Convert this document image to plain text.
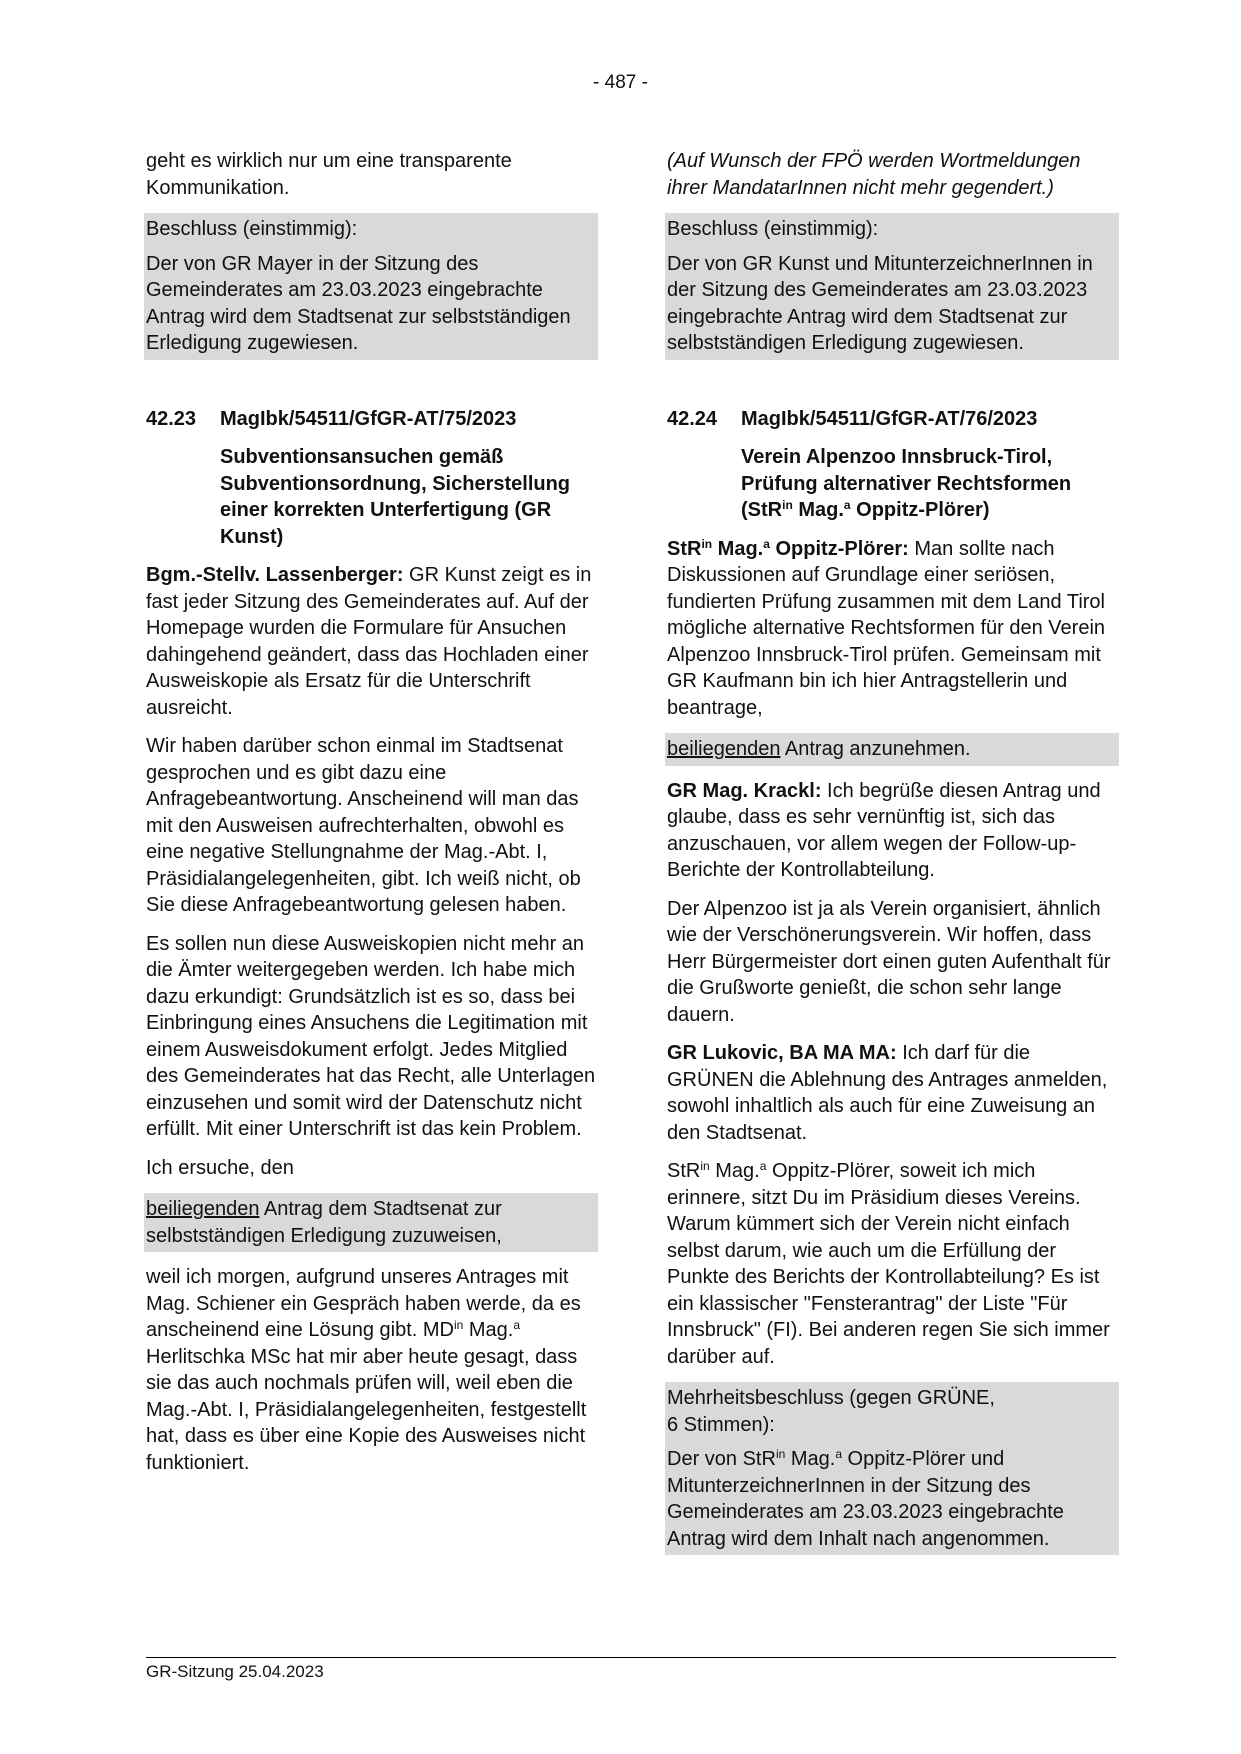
- 487 -

geht es wirklich nur um eine transparente Kommunikation.

Beschluss (einstimmig):
Der von GR Mayer in der Sitzung des Gemeinderates am 23.03.2023 eingebrachte Antrag wird dem Stadtsenat zur selbstständigen Erledigung zugewiesen.
42.23	MagIbk/54511/GfGR-AT/75/2023
Subventionsansuchen gemäß Subventionsordnung, Sicherstellung einer korrekten Unterfertigung (GR Kunst)

Bgm.-Stellv. Lassenberger: GR Kunst zeigt es in fast jeder Sitzung des Gemeinderates auf. Auf der Homepage wurden die Formulare für Ansuchen dahingehend geändert, dass das Hochladen einer Ausweiskopie als Ersatz für die Unterschrift ausreicht.

Wir haben darüber schon einmal im Stadtsenat gesprochen und es gibt dazu eine Anfragebeantwortung. Anscheinend will man das mit den Ausweisen aufrechterhalten, obwohl es eine negative Stellungnahme der Mag.-Abt. I, Präsidialangelegenheiten, gibt. Ich weiß nicht, ob Sie diese Anfragebeantwortung gelesen haben.

Es sollen nun diese Ausweiskopien nicht mehr an die Ämter weitergegeben werden. Ich habe mich dazu erkundigt: Grundsätzlich ist es so, dass bei Einbringung eines Ansuchens die Legitimation mit einem Ausweisdokument erfolgt. Jedes Mitglied des Gemeinderates hat das Recht, alle Unterlagen einzusehen und somit wird der Datenschutz nicht erfüllt. Mit einer Unterschrift ist das kein Problem.

Ich ersuche, den

beiliegenden Antrag dem Stadtsenat zur selbstständigen Erledigung zuzuweisen,

weil ich morgen, aufgrund unseres Antrages mit Mag. Schiener ein Gespräch haben werde, da es anscheinend eine Lösung gibt. $MD^{in}$ Mag.$^a$ Herlitschka MSc hat mir aber heute gesagt, dass sie das auch nochmals prüfen will, weil eben die Mag.-Abt. I, Präsidialangelegenheiten, festgestellt hat, dass es über eine Kopie des Ausweises nicht funktioniert.

(Auf Wunsch der FPÖ werden Wortmeldungen ihrer MandatarInnen nicht mehr gegendert.)

Beschluss (einstimmig):
Der von GR Kunst und MitunterzeichnerInnen in der Sitzung des Gemeinderates am 23.03.2023 eingebrachte Antrag wird dem Stadtsenat zur selbstständigen Erledigung zugewiesen.
42.24	MagIbk/54511/GfGR-AT/76/2023
Verein Alpenzoo Innsbruck-Tirol, Prüfung alternativer Rechtsformen (StR$^{in}$ Mag.$^a$ Oppitz-Plörer)

StR$^{in}$ Mag.$^a$ Oppitz-Plörer: Man sollte nach Diskussionen auf Grundlage einer seriösen, fundierten Prüfung zusammen mit dem Land Tirol mögliche alternative Rechtsformen für den Verein Alpenzoo Innsbruck-Tirol prüfen. Gemeinsam mit GR Kaufmann bin ich hier Antragstellerin und beantrage,

beiliegenden Antrag anzunehmen.

GR Mag. Krackl: Ich begrüße diesen Antrag und glaube, dass es sehr vernünftig ist, sich das anzuschauen, vor allem wegen der Follow-up-Berichte der Kontrollabteilung.

Der Alpenzoo ist ja als Verein organisiert, ähnlich wie der Verschönerungsverein. Wir hoffen, dass Herr Bürgermeister dort einen guten Aufenthalt für die Grußworte genießt, die schon sehr lange dauern.

GR Lukovic, BA MA MA: Ich darf für die GRÜNEN die Ablehnung des Antrages anmelden, sowohl inhaltlich als auch für eine Zuweisung an den Stadtsenat.

StR$^{in}$ Mag.$^a$ Oppitz-Plörer, soweit ich mich erinnere, sitzt Du im Präsidium dieses Vereins. Warum kümmert sich der Verein nicht einfach selbst darum, wie auch um die Erfüllung der Punkte des Berichts der Kontrollabteilung? Es ist ein klassischer "Fensterantrag" der Liste "Für Innsbruck" (FI). Bei anderen regen Sie sich immer darüber auf.

Mehrheitsbeschluss (gegen GRÜNE,
6 Stimmen):
Der von StR$^{in}$ Mag.$^a$ Oppitz-Plörer und MitunterzeichnerInnen in der Sitzung des Gemeinderates am 23.03.2023 eingebrachte Antrag wird dem Inhalt nach angenommen.
GR-Sitzung 25.04.2023
